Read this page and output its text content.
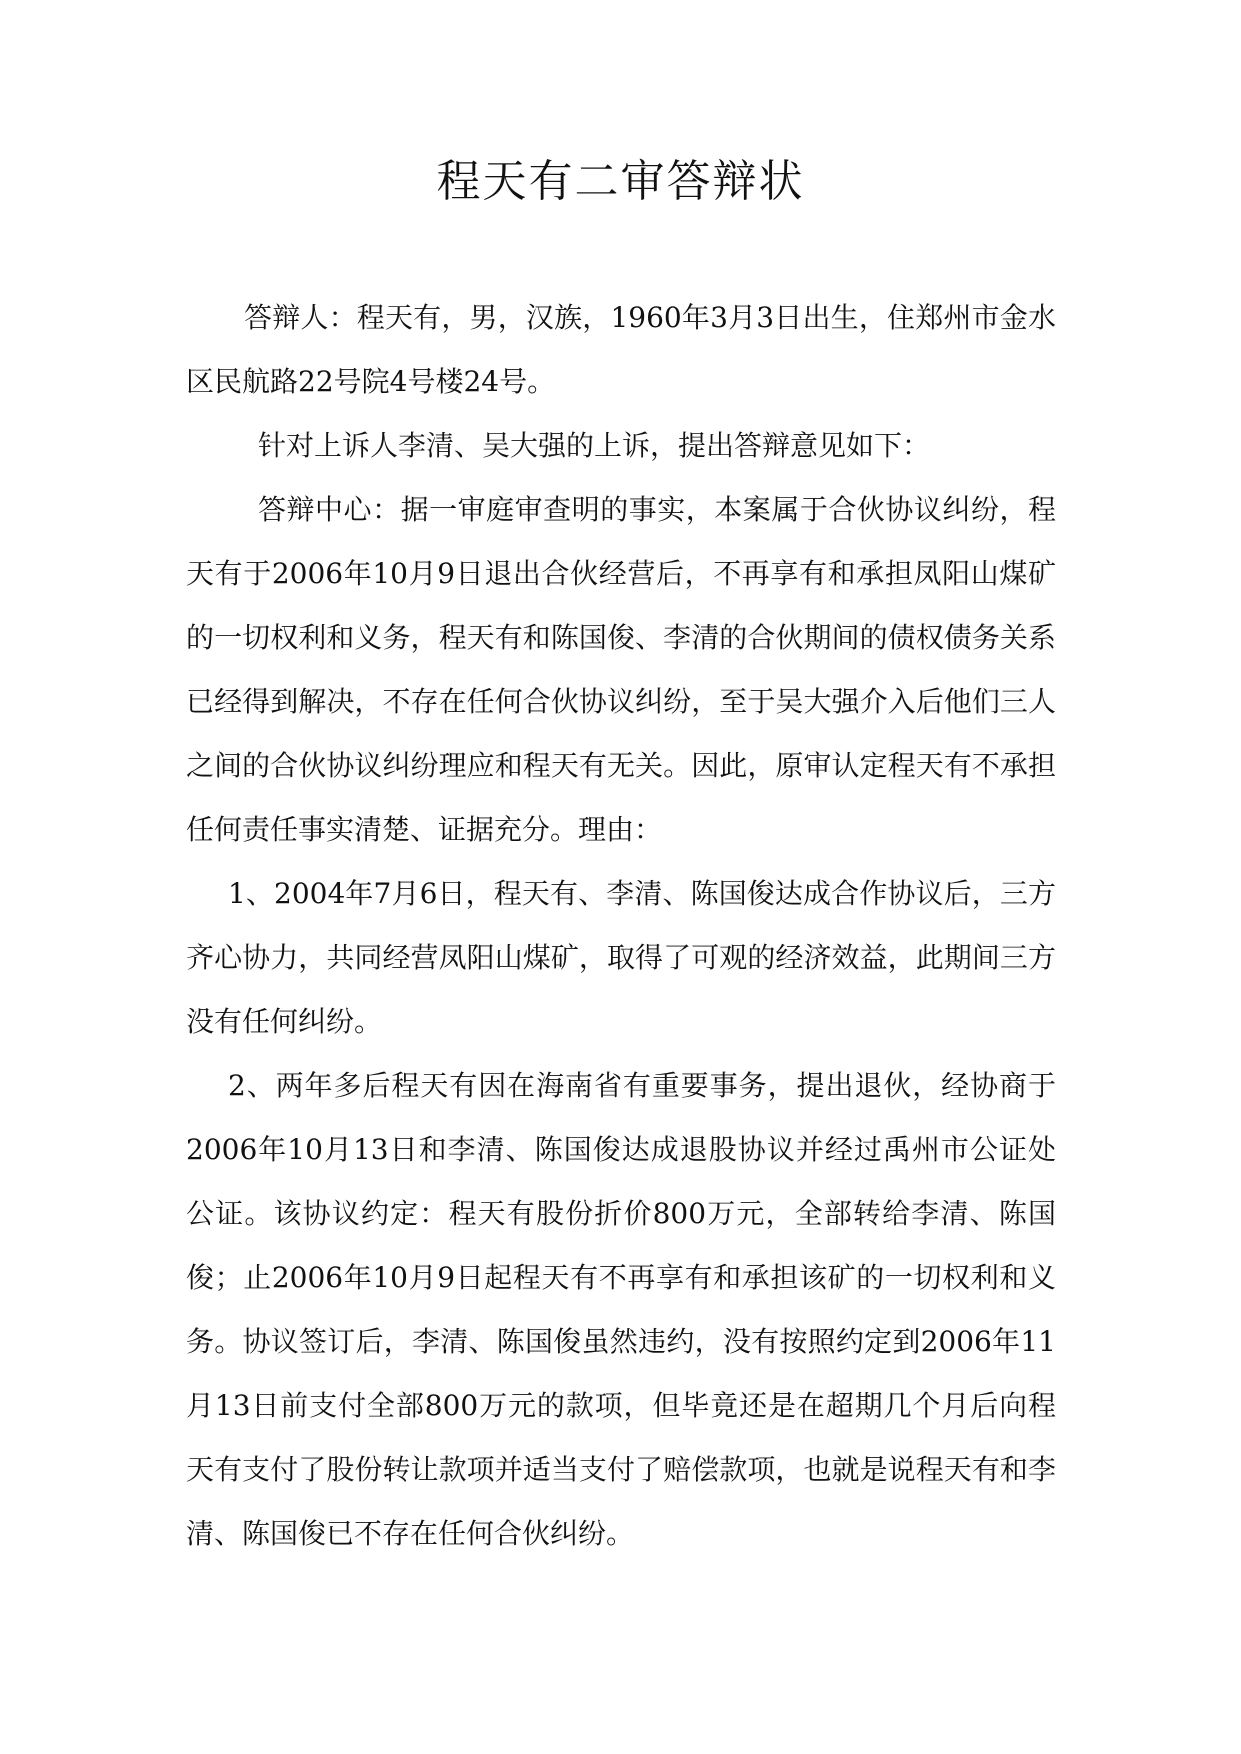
程天有二审答辩状

答辩人：程天有，男，汉族，1960年3月3日出生，住郑州市金水区民航路22号院4号楼24号。

针对上诉人李清、吴大强的上诉，提出答辩意见如下：

答辩中心：据一审庭审查明的事实，本案属于合伙协议纠纷，程天有于2006年10月9日退出合伙经营后，不再享有和承担凤阳山煤矿的一切权利和义务，程天有和陈国俊、李清的合伙期间的债权债务关系已经得到解决，不存在任何合伙协议纠纷，至于吴大强介入后他们三人之间的合伙协议纠纷理应和程天有无关。因此，原审认定程天有不承担任何责任事实清楚、证据充分。理由：

1、2004年7月6日，程天有、李清、陈国俊达成合作协议后，三方齐心协力，共同经营凤阳山煤矿，取得了可观的经济效益，此期间三方没有任何纠纷。

2、两年多后程天有因在海南省有重要事务，提出退伙，经协商于2006年10月13日和李清、陈国俊达成退股协议并经过禹州市公证处公证。该协议约定：程天有股份折价800万元，全部转给李清、陈国俊；止2006年10月9日起程天有不再享有和承担该矿的一切权利和义务。协议签订后，李清、陈国俊虽然违约，没有按照约定到2006年11月13日前支付全部800万元的款项，但毕竟还是在超期几个月后向程天有支付了股份转让款项并适当支付了赔偿款项，也就是说程天有和李清、陈国俊已不存在任何合伙纠纷。
